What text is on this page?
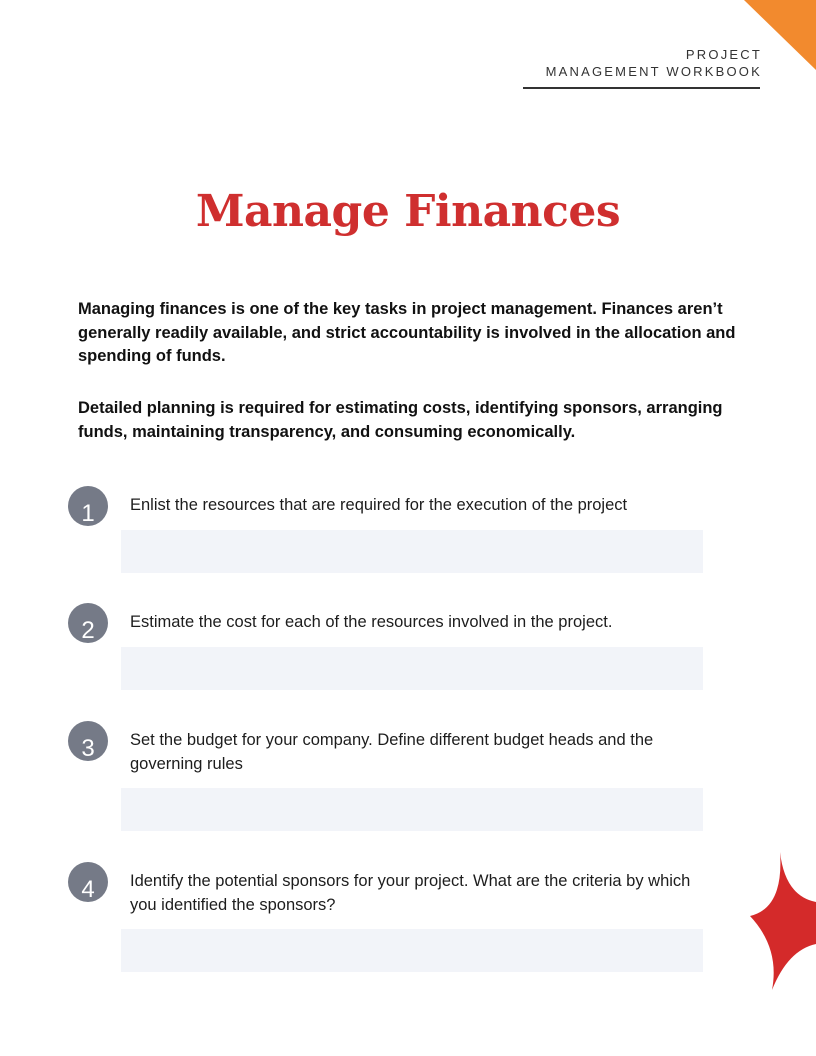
PROJECT
MANAGEMENT WORKBOOK
Manage Finances

Managing finances is one of the key tasks in project management. Finances aren’t generally readily available, and strict accountability is involved in the allocation and spending of funds.

Detailed planning is required for estimating costs, identifying sponsors, arranging funds, maintaining transparency, and consuming economically.

1	Enlist the resources that are required for the execution of the project

2	Estimate the cost for each of the resources involved in the project.

3	Set the budget for your company. Define different budget heads and the governing rules

4	Identify the potential sponsors for your project. What are the criteria by which you identified the sponsors?
